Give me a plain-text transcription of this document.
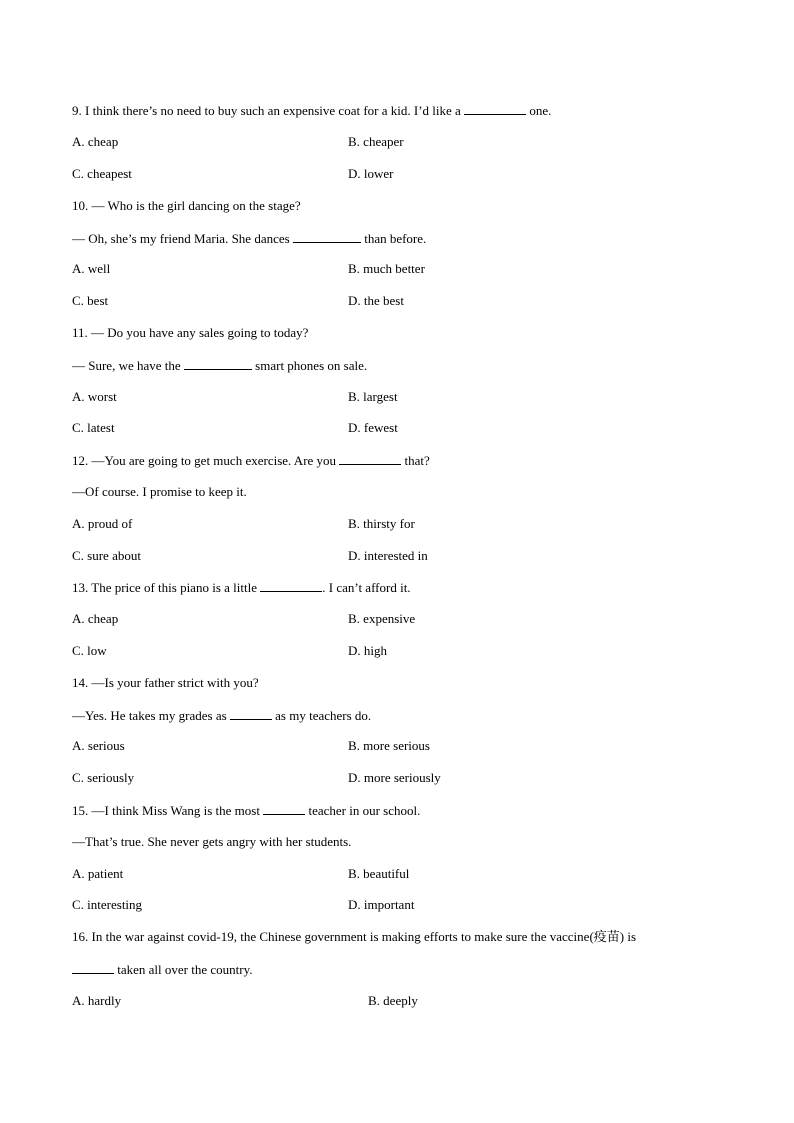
9. I think there’s no need to buy such an expensive coat for a kid. I’d like a	one.
A. cheap	B. cheaper
C. cheapest	D. lower
10. — Who is the girl dancing on the stage?
— Oh, she’s my friend Maria. She dances	than before.
A. well	B. much better
C. best	D. the best
11. — Do you have any sales going to today?
— Sure, we have the	smart phones on sale.
A. worst	B. largest
C. latest	D. fewest
12. —You are going to get much exercise. Are you	that?
—Of course. I promise to keep it.
A. proud of	B. thirsty for
C. sure about	D. interested in
13. The price of this piano is a little	. I can’t afford it.
A. cheap	B. expensive
C. low	D. high
14. —Is your father strict with you?
—Yes. He takes my grades as	as my teachers do.
A. serious	B. more serious
C. seriously	D. more seriously
15. —I think Miss Wang is the most	teacher in our school.
—That’s true. She never gets angry with her students.
A. patient	B. beautiful
C. interesting	D. important
16. In the war against covid-19, the Chinese government is making efforts to make sure the vaccine(疫苗) is
taken all over the country.
A. hardly	B. deeply
